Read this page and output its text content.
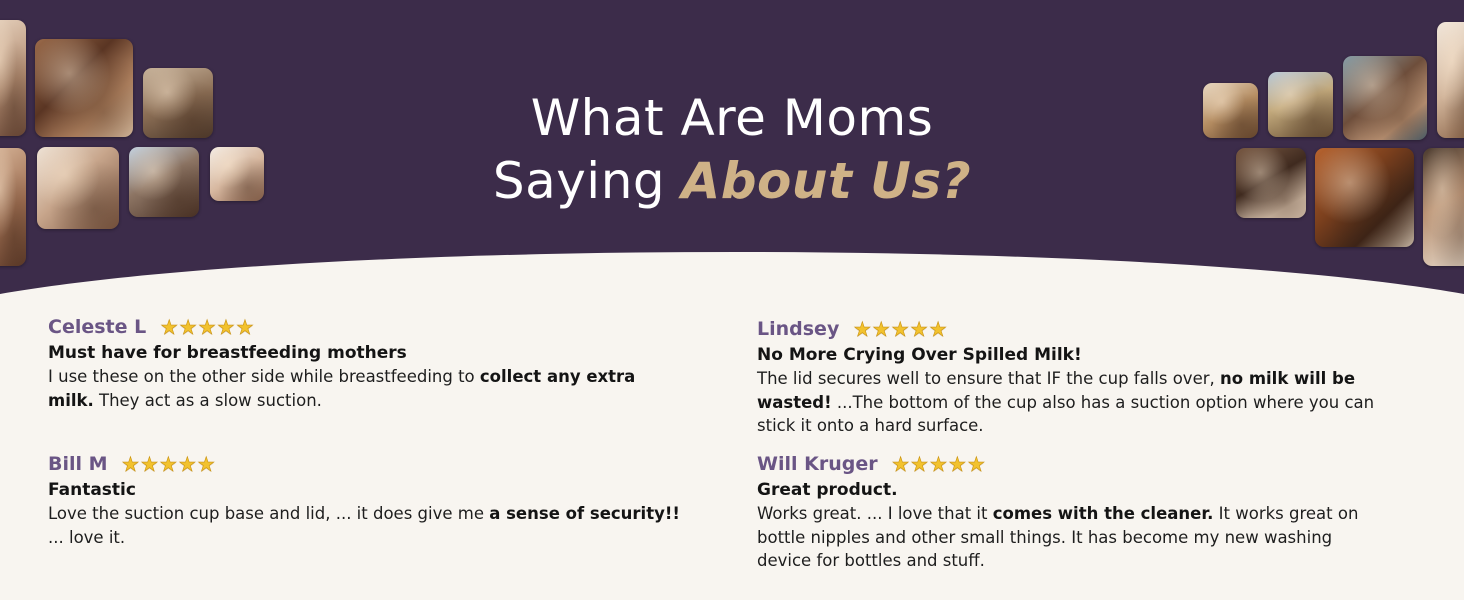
What Are Moms
Saying About Us?
Celeste L ★ ★ ★ ★ ★
Must have for breastfeeding mothers
I use these on the other side while breastfeeding to collect any extra
milk. They act as a slow suction.
Bill M ★ ★ ★ ★ ★
Fantastic
Love the suction cup base and lid, ... it does give me a sense of security!!
... love it.
Lindsey ★ ★ ★ ★ ★
No More Crying Over Spilled Milk!
The lid secures well to ensure that IF the cup falls over, no milk will be
wasted! ...The bottom of the cup also has a suction option where you can
stick it onto a hard surface.
Will Kruger ★ ★ ★ ★ ★
Great product.
Works great. ... I love that it comes with the cleaner. It works great on
bottle nipples and other small things. It has become my new washing
device for bottles and stuff.
